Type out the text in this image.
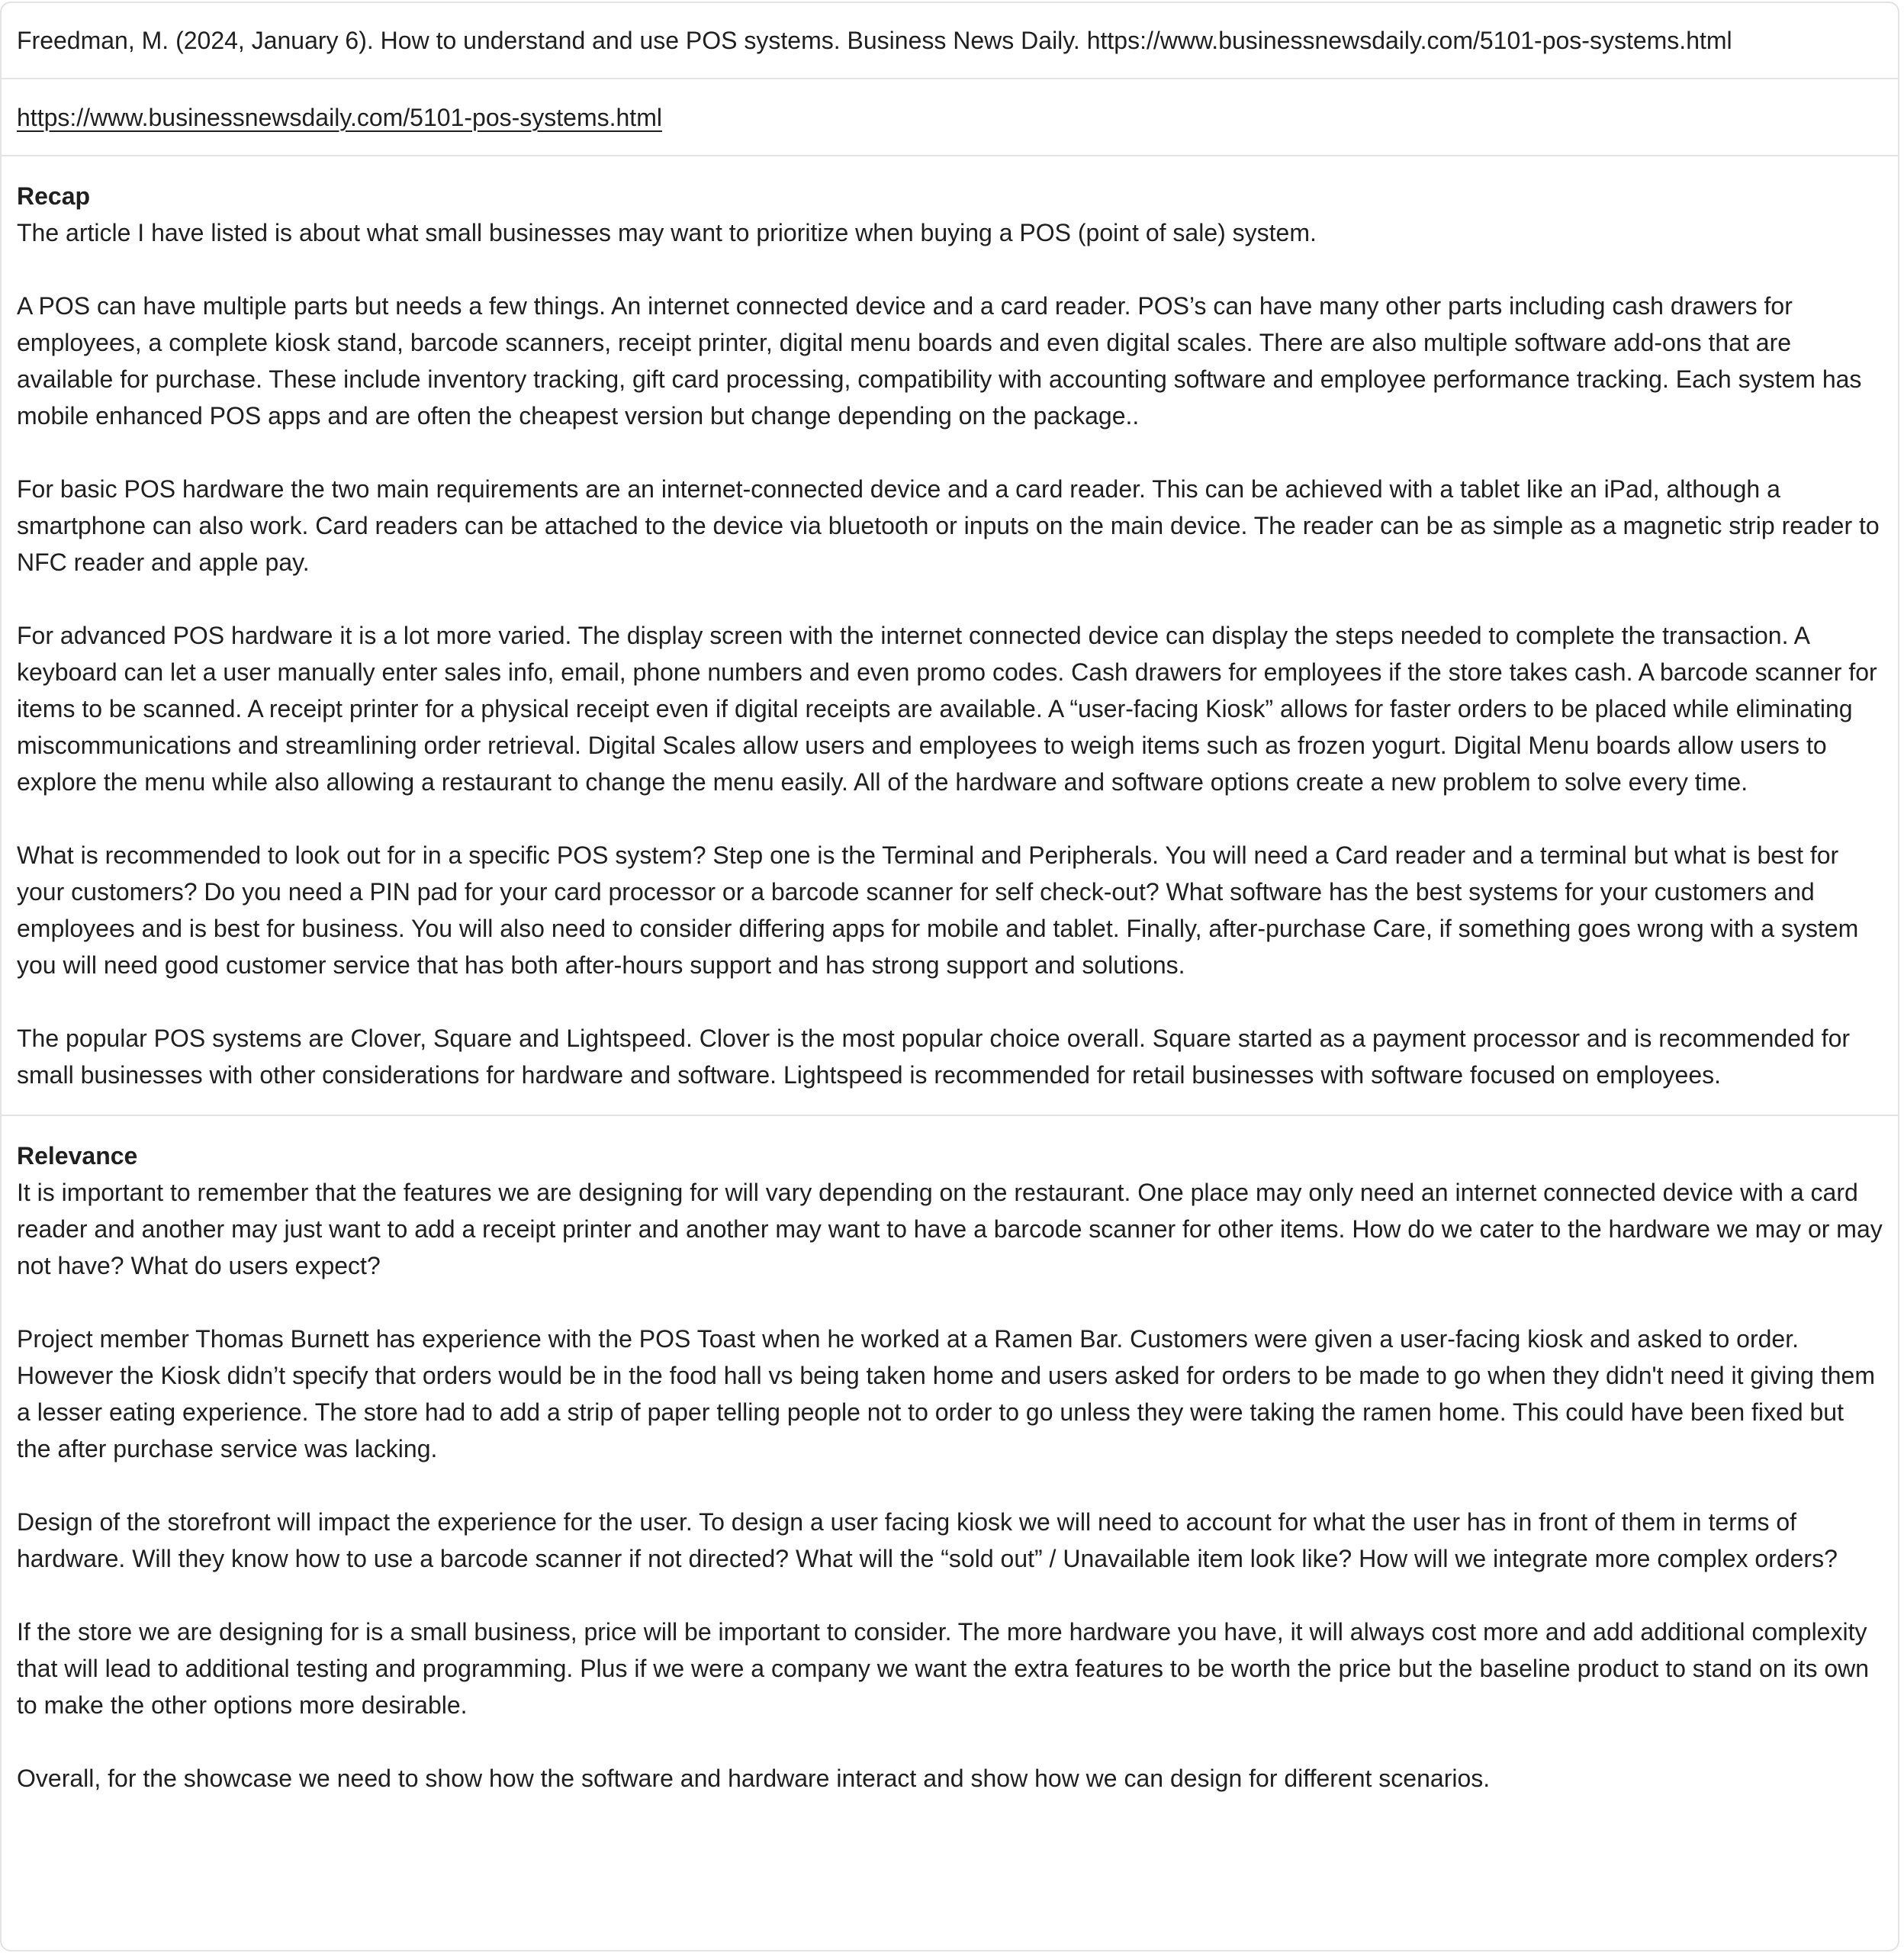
Freedman, M. (2024, January 6). How to understand and use POS systems. Business News Daily. https://www.businessnewsdaily.com/5101-pos-systems.html
https://www.businessnewsdaily.com/5101-pos-systems.html
Recap

The article I have listed is about what small businesses may want to prioritize when buying a POS (point of sale) system.

A POS can have multiple parts but needs a few things. An internet connected device and a card reader. POS’s can have many other parts including cash drawers for employees, a complete kiosk stand, barcode scanners, receipt printer, digital menu boards and even digital scales. There are also multiple software add-ons that are available for purchase. These include inventory tracking, gift card processing, compatibility with accounting software and employee performance tracking. Each system has mobile enhanced POS apps and are often the cheapest version but change depending on the package..

For basic POS hardware the two main requirements are an internet-connected device and a card reader. This can be achieved with a tablet like an iPad, although a smartphone can also work. Card readers can be attached to the device via bluetooth or inputs on the main device. The reader can be as simple as a magnetic strip reader to NFC reader and apple pay.

For advanced POS hardware it is a lot more varied. The display screen with the internet connected device can display the steps needed to complete the transaction. A keyboard can let a user manually enter sales info, email, phone numbers and even promo codes. Cash drawers for employees if the store takes cash. A barcode scanner for items to be scanned. A receipt printer for a physical receipt even if digital receipts are available. A “user-facing Kiosk” allows for faster orders to be placed while eliminating miscommunications and streamlining order retrieval. Digital Scales allow users and employees to weigh items such as frozen yogurt. Digital Menu boards allow users to explore the menu while also allowing a restaurant to change the menu easily. All of the hardware and software options create a new problem to solve every time.

What is recommended to look out for in a specific POS system? Step one is the Terminal and Peripherals. You will need a Card reader and a terminal but what is best for your customers? Do you need a PIN pad for your card processor or a barcode scanner for self check-out? What software has the best systems for your customers and employees and is best for business. You will also need to consider differing apps for mobile and tablet. Finally, after-purchase Care, if something goes wrong with a system you will need good customer service that has both after-hours support and has strong support and solutions.

The popular POS systems are Clover, Square and Lightspeed. Clover is the most popular choice overall. Square started as a payment processor and is recommended for small businesses with other considerations for hardware and software. Lightspeed is recommended for retail businesses with software focused on employees.

Relevance

It is important to remember that the features we are designing for will vary depending on the restaurant. One place may only need an internet connected device with a card reader and another may just want to add a receipt printer and another may want to have a barcode scanner for other items. How do we cater to the hardware we may or may not have? What do users expect?

Project member Thomas Burnett has experience with the POS Toast when he worked at a Ramen Bar. Customers were given a user-facing kiosk and asked to order. However the Kiosk didn’t specify that orders would be in the food hall vs being taken home and users asked for orders to be made to go when they didn't need it giving them a lesser eating experience. The store had to add a strip of paper telling people not to order to go unless they were taking the ramen home. This could have been fixed but the after purchase service was lacking.

Design of the storefront will impact the experience for the user. To design a user facing kiosk we will need to account for what the user has in front of them in terms of hardware. Will they know how to use a barcode scanner if not directed? What will the “sold out” / Unavailable item look like? How will we integrate more complex orders?

If the store we are designing for is a small business, price will be important to consider. The more hardware you have, it will always cost more and add additional complexity that will lead to additional testing and programming. Plus if we were a company we want the extra features to be worth the price but the baseline product to stand on its own to make the other options more desirable.

Overall, for the showcase we need to show how the software and hardware interact and show how we can design for different scenarios.
